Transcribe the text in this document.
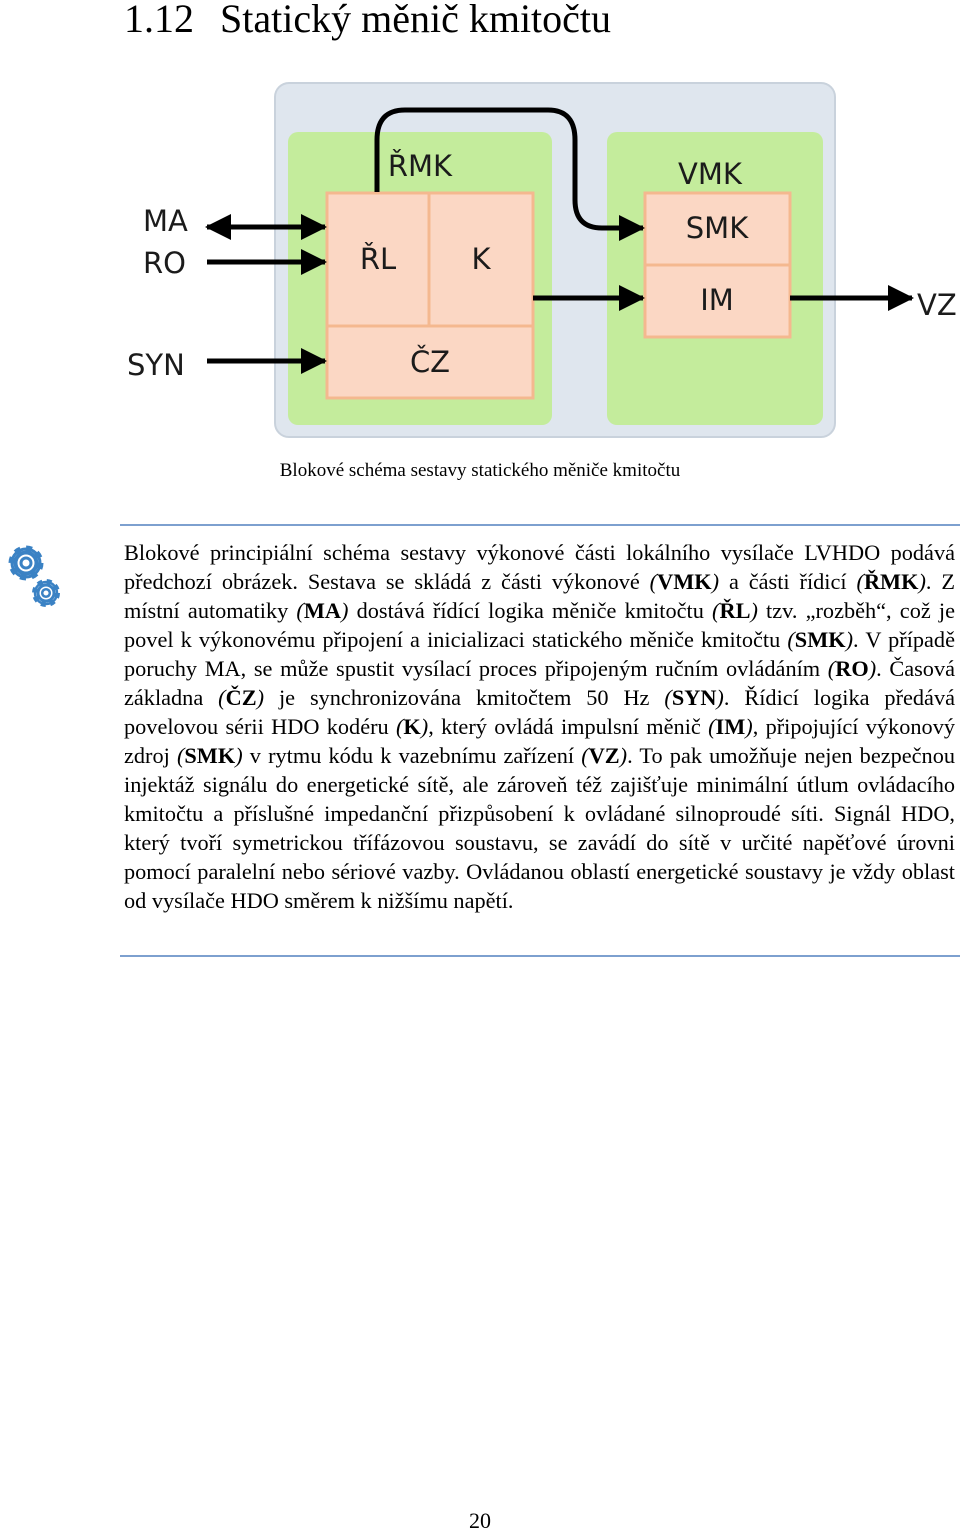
1.12 Statický měnič kmitočtu
ŘMK
ŘL	K
ČZ
VMK
SMK
IM
MA
RO
SYN
VZ
Blokové schéma sestavy statického měniče kmitočtu

Blokové principiální schéma sestavy výkonové části lokálního vysílače LVHDO podává předchozí obrázek. Sestava se skládá z části výkonové (VMK) a části řídicí (ŘMK). Z místní automatiky (MA) dostává řídící logika měniče kmitočtu (ŘL) tzv. „rozběh“, což je povel k výkonovému připojení a inicializaci statického měniče kmitočtu (SMK). V případě poruchy MA, se může spustit vysílací proces připojeným ručním ovládáním (RO). Časová základna (ČZ) je synchronizována kmitočtem 50 Hz (SYN). Řídicí logika předává povelovou sérii HDO kodéru (K), který ovládá impulsní měnič (IM), připojující výkonový zdroj (SMK) v rytmu kódu k vazebnímu zařízení (VZ). To pak umožňuje nejen bezpečnou injektáž signálu do energetické sítě, ale zároveň též zajišťuje minimální útlum ovládacího kmitočtu a příslušné impedanční přizpůsobení k ovládané silnoproudé síti. Signál HDO, který tvoří symetrickou třífázovou soustavu, se zavádí do sítě v určité napěťové úrovni pomocí paralelní nebo sériové vazby. Ovládanou oblastí energetické soustavy je vždy oblast od vysílače HDO směrem k nižšímu napětí.

20
